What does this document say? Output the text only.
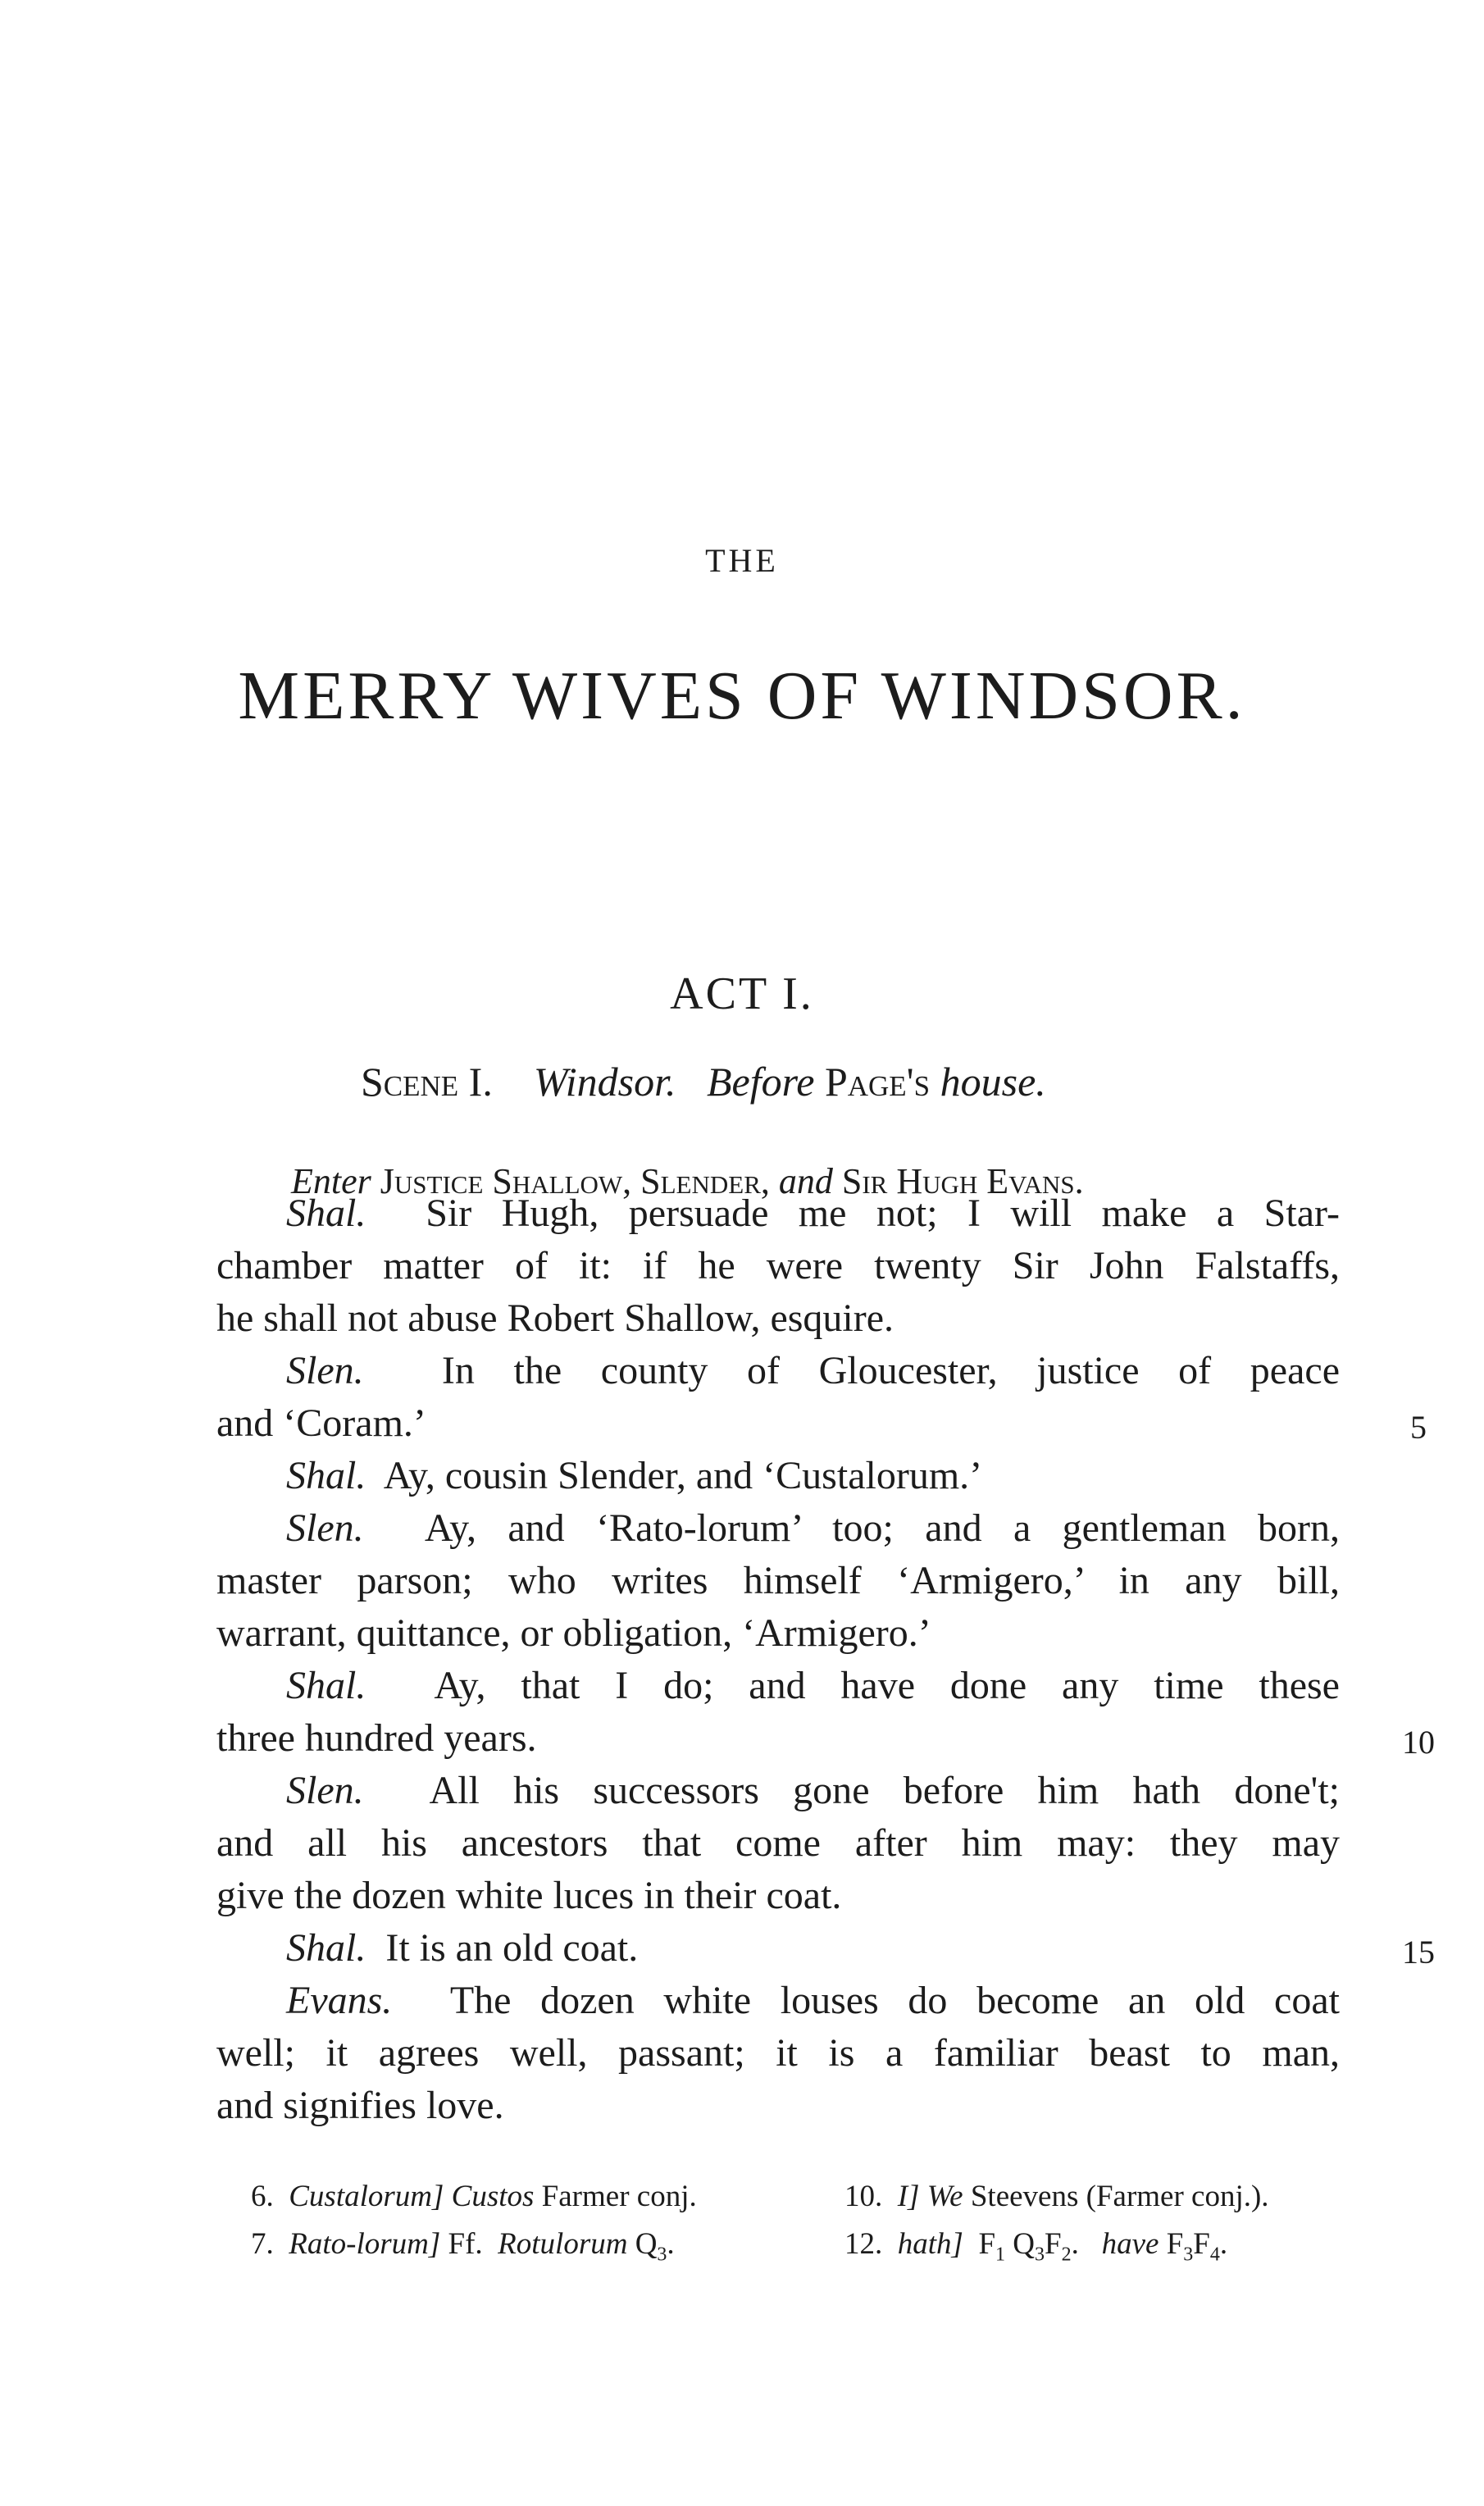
THE
MERRY WIVES OF WINDSOR.
ACT I.
Scene I. Windsor. Before Page's house.
Enter Justice Shallow, Slender, and Sir Hugh Evans.
Shal. Sir Hugh, persuade me not; I will make a Star-
chamber matter of it: if he were twenty Sir John Falstaffs,
he shall not abuse Robert Shallow, esquire.
Slen. In the county of Gloucester, justice of peace
and ‘Coram.’
Shal. Ay, cousin Slender, and ‘Custalorum.’
Slen. Ay, and ‘Rato-lorum’ too; and a gentleman born,
master parson; who writes himself ‘Armigero,’ in any bill,
warrant, quittance, or obligation, ‘Armigero.’
Shal. Ay, that I do; and have done any time these
three hundred years.
Slen. All his successors gone before him hath done't;
and all his ancestors that come after him may: they may
give the dozen white luces in their coat.
Shal. It is an old coat.
Evans. The dozen white louses do become an old coat
well; it agrees well, passant; it is a familiar beast to man,
and signifies love.
5
10
15
6. Custalorum] Custos Farmer conj.
7. Rato-lorum] Ff. Rotulorum $Q_3$.
10. I] We Steevens (Farmer conj.).
12. hath] $F_1$ $Q_3F_2$. have $F_3F_4$.
